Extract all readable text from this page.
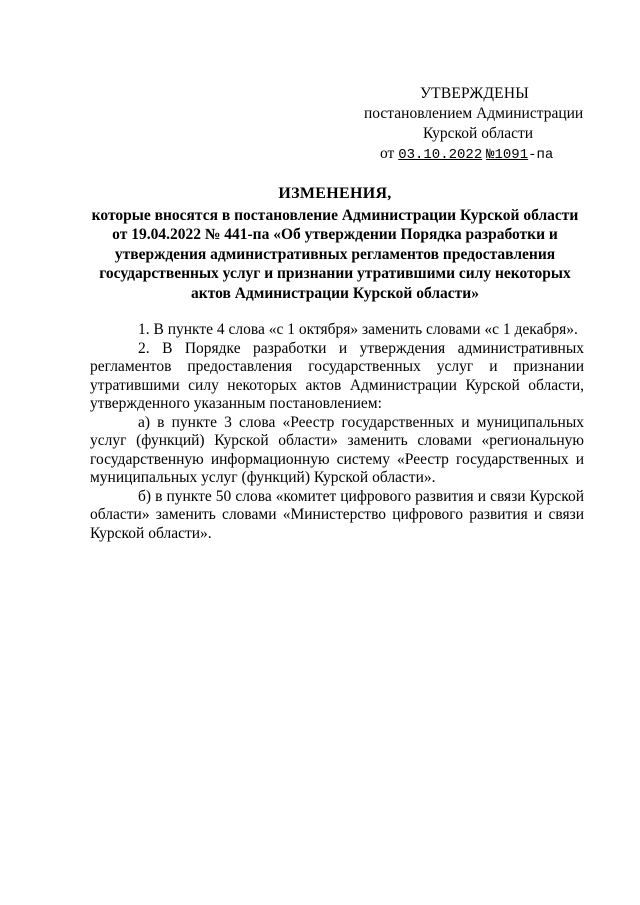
УТВЕРЖДЕНЫ
постановлением Администрации
Курской области
от 03.10.2022 №1091-па
ИЗМЕНЕНИЯ,
которые вносятся в постановление Администрации Курской области от 19.04.2022 № 441-па «Об утверждении Порядка разработки и утверждения административных регламентов предоставления государственных услуг и признании утратившими силу некоторых актов Администрации Курской области»

1. В пункте 4 слова «с 1 октября» заменить словами «с 1 декабря».

2. В Порядке разработки и утверждения административных регламентов предоставления государственных услуг и признании утратившими силу некоторых актов Администрации Курской области, утвержденного указанным постановлением:

а) в пункте 3 слова «Реестр государственных и муниципальных услуг (функций) Курской области» заменить словами «региональную государственную информационную систему «Реестр государственных и муниципальных услуг (функций) Курской области».

б) в пункте 50 слова «комитет цифрового развития и связи Курской области» заменить словами «Министерство цифрового развития и связи Курской области».
